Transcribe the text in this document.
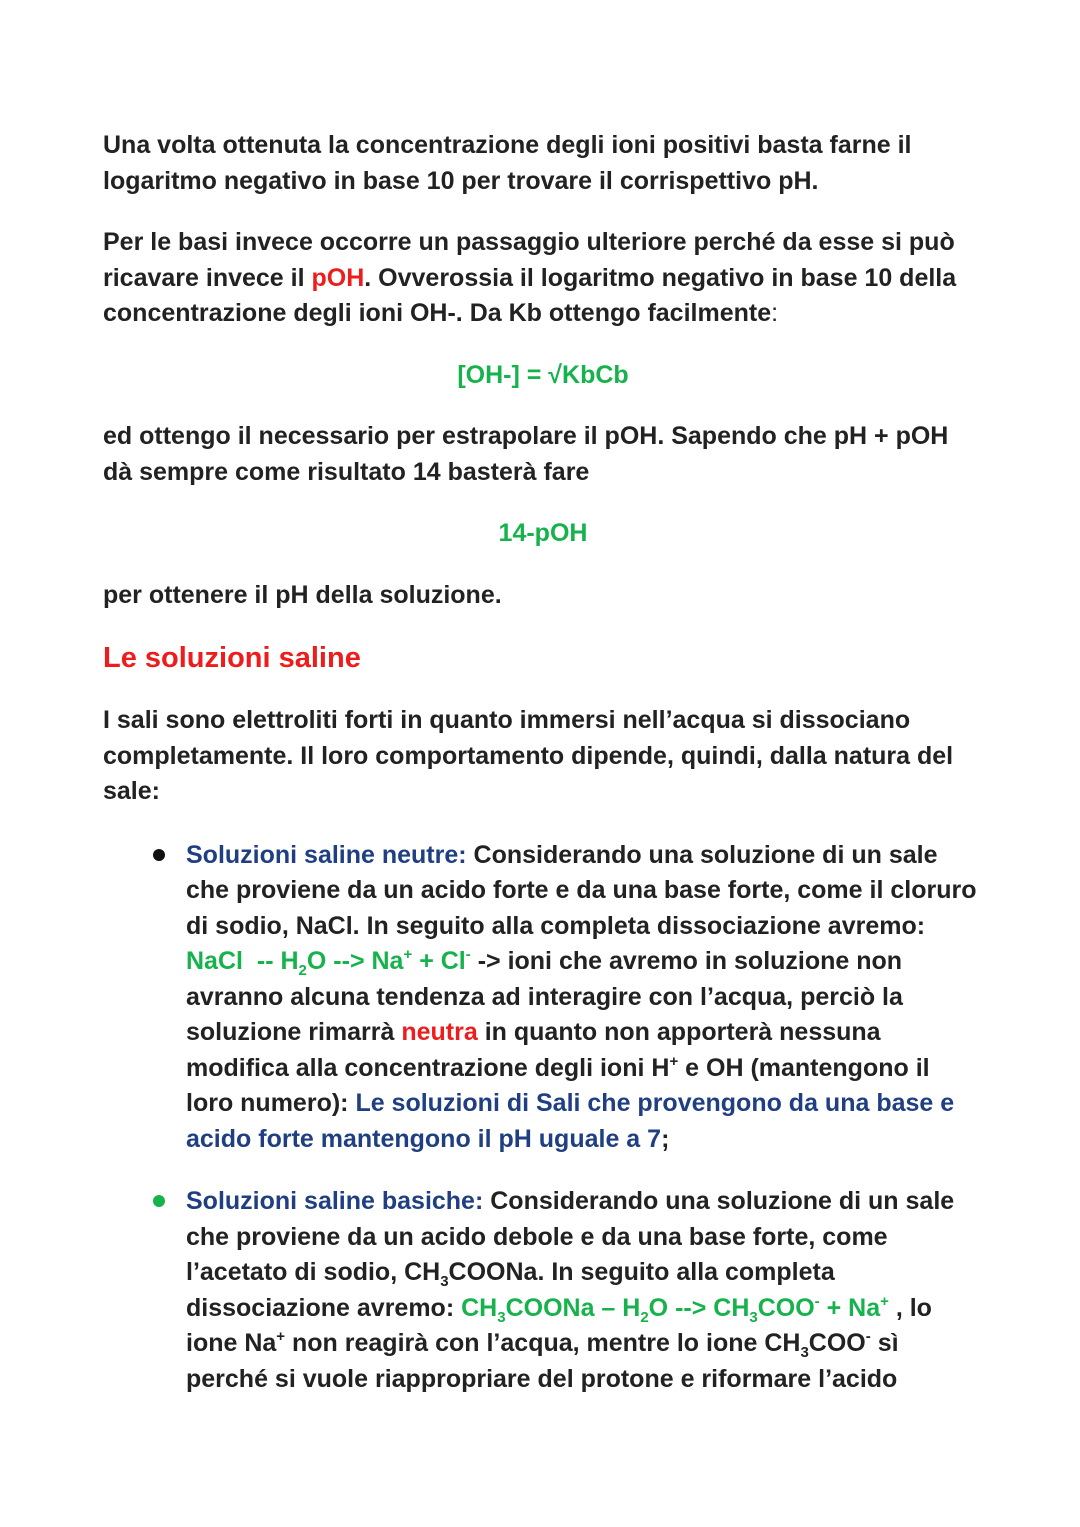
Una volta ottenuta la concentrazione degli ioni positivi basta farne il logaritmo negativo in base 10 per trovare il corrispettivo pH.

Per le basi invece occorre un passaggio ulteriore perché da esse si può ricavare invece il pOH. Ovverossia il logaritmo negativo in base 10 della concentrazione degli ioni OH-. Da Kb ottengo facilmente:

[OH-] = √KbCb

ed ottengo il necessario per estrapolare il pOH. Sapendo che pH + pOH dà sempre come risultato 14 basterà fare

14-pOH

per ottenere il pH della soluzione.

Le soluzioni saline

I sali sono elettroliti forti in quanto immersi nell’acqua si dissociano completamente. Il loro comportamento dipende, quindi, dalla natura del sale:

Soluzioni saline neutre: Considerando una soluzione di un sale che proviene da un acido forte e da una base forte, come il cloruro di sodio, NaCl. In seguito alla completa dissociazione avremo:   NaCl -- $H_2O$ --> Na+ + Cl- -> ioni che avremo in soluzione non avranno alcuna tendenza ad interagire con l’acqua, perciò la soluzione rimarrà neutra in quanto non apporterà nessuna modifica alla concentrazione degli ioni H+ e OH (mantengono il loro numero): Le soluzioni di Sali che provengono da una base e acido forte mantengono il pH uguale a 7;
Soluzioni saline basiche: Considerando una soluzione di un sale che proviene da un acido debole e da una base forte, come l’acetato di sodio, $CH_3COONa$. In seguito alla completa dissociazione avremo: $CH_3COONa - H_2O$ --> $CH_3COO^- + Na^+$ , lo ione Na+ non reagirà con l’acqua, mentre lo ione $CH_3COO^-$ sì perché si vuole riappropriare del protone e riformare l’acido
